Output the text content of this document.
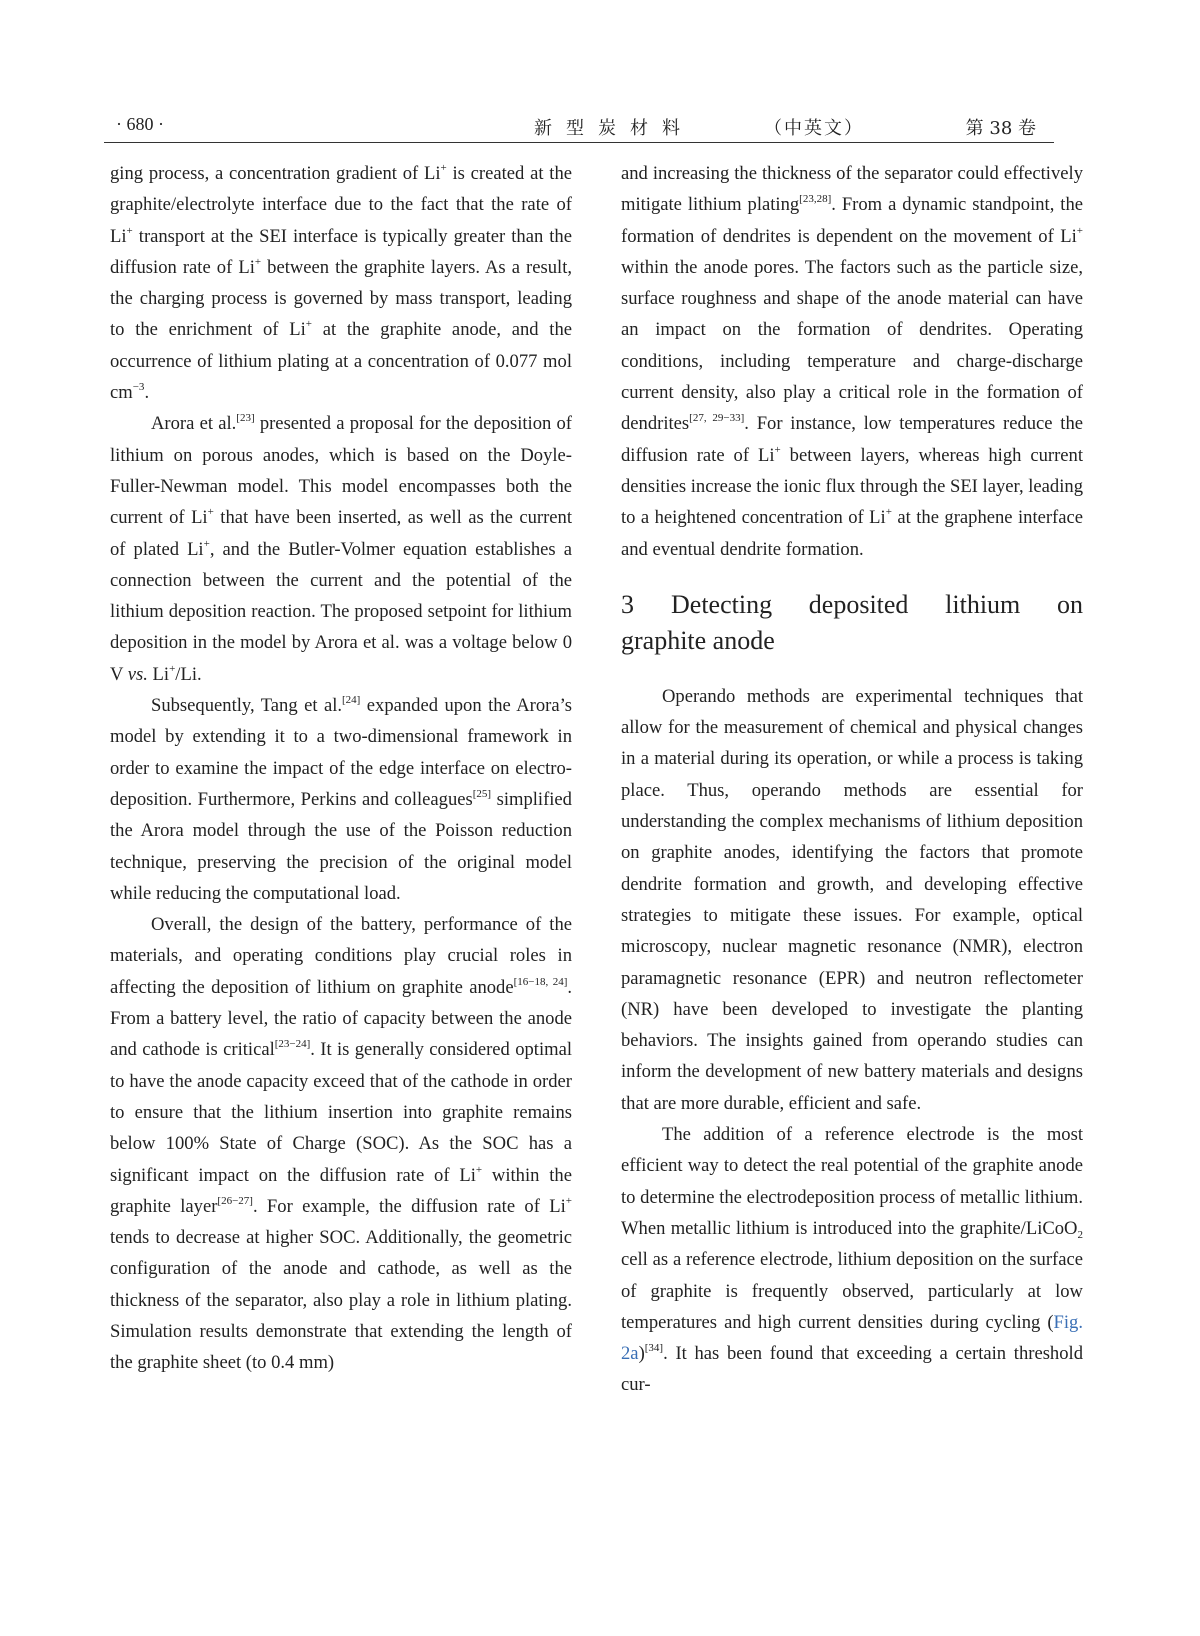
· 680 ·	新型炭材料	（中英文）	第 38 卷

ging process, a concentration gradient of Li+ is created at the graphite/electrolyte interface due to the fact that the rate of Li+ transport at the SEI interface is typically greater than the diffusion rate of Li+ between the graphite layers. As a result, the charging process is governed by mass transport, leading to the enrichment of Li+ at the graphite anode, and the occurrence of lithium plating at a concentration of 0.077 mol $cm^{-3}$.

Arora et al.[23] presented a proposal for the deposition of lithium on porous anodes, which is based on the Doyle-Fuller-Newman model. This model encompasses both the current of Li+ that have been inserted, as well as the current of plated Li+, and the Butler-Volmer equation establishes a connection between the current and the potential of the lithium deposition reaction. The proposed setpoint for lithium deposition in the model by Arora et al. was a voltage below 0 V vs. Li+/Li.

Subsequently, Tang et al.[24] expanded upon the Arora’s model by extending it to a two-dimensional framework in order to examine the impact of the edge interface on electro-deposition. Furthermore, Perkins and colleagues[25] simplified the Arora model through the use of the Poisson reduction technique, preserving the precision of the original model while reducing the computational load.

Overall, the design of the battery, performance of the materials, and operating conditions play crucial roles in affecting the deposition of lithium on graphite anode[16−18, 24]. From a battery level, the ratio of capacity between the anode and cathode is critical[23−24]. It is generally considered optimal to have the anode capacity exceed that of the cathode in order to ensure that the lithium insertion into graphite remains below 100% State of Charge (SOC). As the SOC has a significant impact on the diffusion rate of Li+ within the graphite layer[26−27]. For example, the diffusion rate of Li+ tends to decrease at higher SOC. Additionally, the geometric configuration of the anode and cathode, as well as the thickness of the separator, also play a role in lithium plating. Simulation results demonstrate that extending the length of the graphite sheet (to 0.4 mm)

and increasing the thickness of the separator could effectively mitigate lithium plating[23,28]. From a dynamic standpoint, the formation of dendrites is dependent on the movement of Li+ within the anode pores. The factors such as the particle size, surface roughness and shape of the anode material can have an impact on the formation of dendrites. Operating conditions, including temperature and charge-discharge current density, also play a critical role in the formation of dendrites[27, 29−33]. For instance, low temperatures reduce the diffusion rate of Li+ between layers, whereas high current densities increase the ionic flux through the SEI layer, leading to a heightened concentration of Li+ at the graphene interface and eventual dendrite formation.

3	Detecting deposited lithium on
graphite anode

Operando methods are experimental techniques that allow for the measurement of chemical and physical changes in a material during its operation, or while a process is taking place. Thus, operando methods are essential for understanding the complex mechanisms of lithium deposition on graphite anodes, identifying the factors that promote dendrite formation and growth, and developing effective strategies to mitigate these issues. For example, optical microscopy, nuclear magnetic resonance (NMR), electron paramagnetic resonance (EPR) and neutron reflectometer (NR) have been developed to investigate the planting behaviors. The insights gained from operando studies can inform the development of new battery materials and designs that are more durable, efficient and safe.

The addition of a reference electrode is the most efficient way to detect the real potential of the graphite anode to determine the electrodeposition process of metallic lithium. When metallic lithium is introduced into the graphite/LiCoO$_2$ cell as a reference electrode, lithium deposition on the surface of graphite is frequently observed, particularly at low temperatures and high current densities during cycling (Fig. 2a)[34]. It has been found that exceeding a certain threshold cur-
